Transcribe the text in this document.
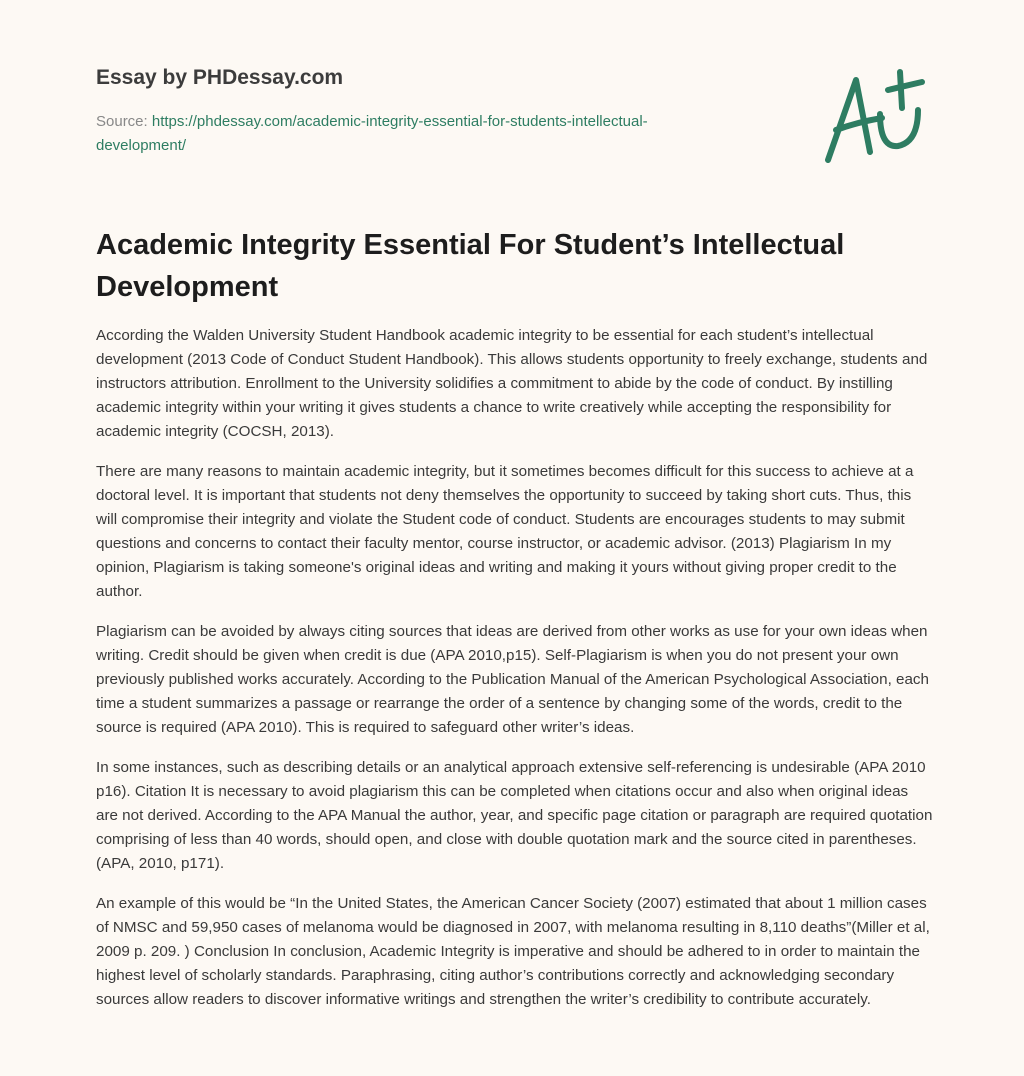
Essay by PHDessay.com
Source: https://phdessay.com/academic-integrity-essential-for-students-intellectual-development/
Academic Integrity Essential For Student’s Intellectual Development

According the Walden University Student Handbook academic integrity to be essential for each student’s intellectual development (2013 Code of Conduct Student Handbook). This allows students opportunity to freely exchange, students and instructors attribution. Enrollment to the University solidifies a commitment to abide by the code of conduct. By instilling academic integrity within your writing it gives students a chance to write creatively while accepting the responsibility for academic integrity (COCSH, 2013).

There are many reasons to maintain academic integrity, but it sometimes becomes difficult for this success to achieve at a doctoral level. It is important that students not deny themselves the opportunity to succeed by taking short cuts. Thus, this will compromise their integrity and violate the Student code of conduct. Students are encourages students to may submit questions and concerns to contact their faculty mentor, course instructor, or academic advisor. (2013) Plagiarism In my opinion, Plagiarism is taking someone's original ideas and writing and making it yours without giving proper credit to the author.

Plagiarism can be avoided by always citing sources that ideas are derived from other works as use for your own ideas when writing. Credit should be given when credit is due (APA 2010,p15). Self-Plagiarism is when you do not present your own previously published works accurately. According to the Publication Manual of the American Psychological Association, each time a student summarizes a passage or rearrange the order of a sentence by changing some of the words, credit to the source is required (APA 2010). This is required to safeguard other writer’s ideas.

In some instances, such as describing details or an analytical approach extensive self-referencing is undesirable (APA 2010 p16). Citation It is necessary to avoid plagiarism this can be completed when citations occur and also when original ideas are not derived. According to the APA Manual the author, year, and specific page citation or paragraph are required quotation comprising of less than 40 words, should open, and close with double quotation mark and the source cited in parentheses. (APA, 2010, p171).

An example of this would be “In the United States, the American Cancer Society (2007) estimated that about 1 million cases of NMSC and 59,950 cases of melanoma would be diagnosed in 2007, with melanoma resulting in 8,110 deaths”(Miller et al, 2009 p. 209. ) Conclusion In conclusion, Academic Integrity is imperative and should be adhered to in order to maintain the highest level of scholarly standards. Paraphrasing, citing author’s contributions correctly and acknowledging secondary sources allow readers to discover informative writings and strengthen the writer’s credibility to contribute accurately.
